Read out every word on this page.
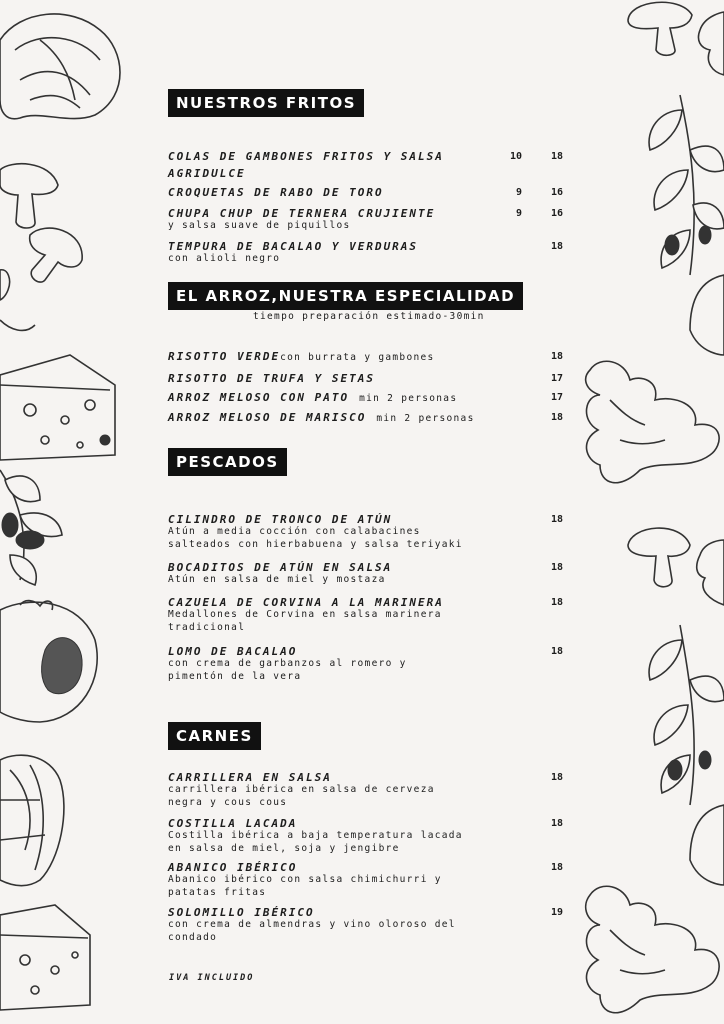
NUESTROS FRITOS
COLAS DE GAMBONES FRITOS Y SALSA AGRIDULCE
10	18
CROQUETAS DE RABO DE TORO	9	16
CHUPA CHUP DE TERNERA CRUJIENTE
y salsa suave de piquillos
9	16
TEMPURA DE BACALAO Y VERDURAS
con alioli negro
18
EL ARROZ,NUESTRA ESPECIALIDAD
tiempo preparación estimado-30min
RISOTTO VERDEcon burrata y gambones	18
RISOTTO DE TRUFA Y SETAS	17
ARROZ MELOSO CON PATO min 2 personas	17
ARROZ MELOSO DE MARISCO min 2 personas	18
PESCADOS
CILINDRO DE TRONCO DE ATÚN
Atún a media cocción con calabacines salteados con hierbabuena y salsa teriyaki
18
BOCADITOS DE ATÚN EN SALSA
Atún en salsa de miel y mostaza
18
CAZUELA DE CORVINA A LA MARINERA
Medallones de Corvina en salsa marinera tradicional
18
LOMO DE BACALAO
con crema de garbanzos al romero y pimentón de la vera
18
CARNES
CARRILLERA EN SALSA
carrillera ibérica en salsa de cerveza negra y cous cous
18
COSTILLA LACADA
Costilla ibérica a baja temperatura lacada en salsa de miel, soja y jengibre
18
ABANICO IBÉRICO
Abanico ibérico con salsa chimichurri y patatas fritas
18
SOLOMILLO IBÉRICO
con crema de almendras y vino oloroso del condado
19
IVA INCLUIDO
